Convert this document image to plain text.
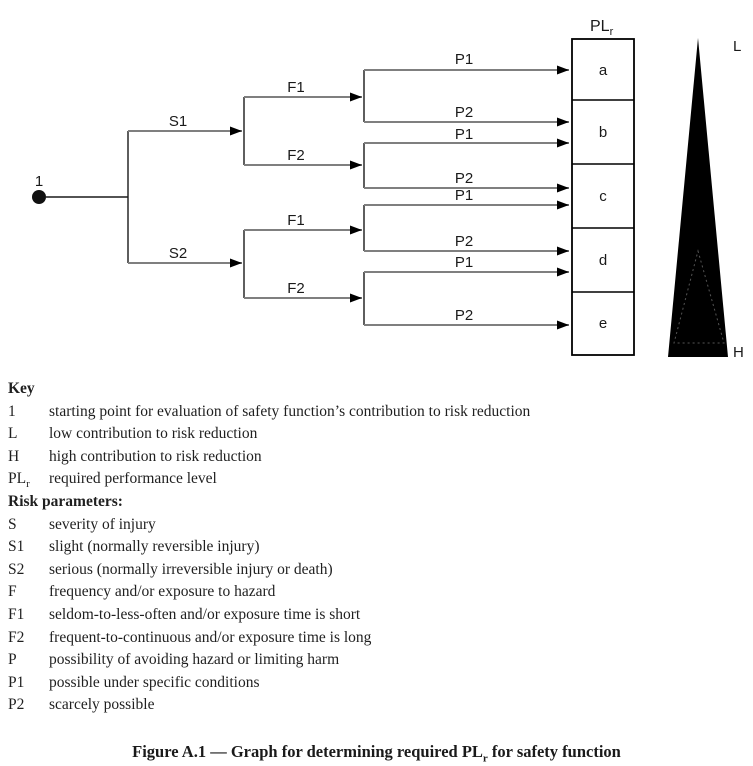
1
S1
S2
F1
F2
F1
F2
P1
P2
P1
P2
P1
P2
P1
P2
$PL_r$
a
b
c
d
e
L
H
Key
1	starting point for evaluation of safety function’s contribution to risk reduction
L	low contribution to risk reduction
H	high contribution to risk reduction
$PL_r$	required performance level
Risk parameters:
S	severity of injury
S1	slight (normally reversible injury)
S2	serious (normally irreversible injury or death)
F	frequency and/or exposure to hazard
F1	seldom-to-less-often and/or exposure time is short
F2	frequent-to-continuous and/or exposure time is long
P	possibility of avoiding hazard or limiting harm
P1	possible under specific conditions
P2	scarcely possible
Figure A.1 — Graph for determining required $PL_r$ for safety function
